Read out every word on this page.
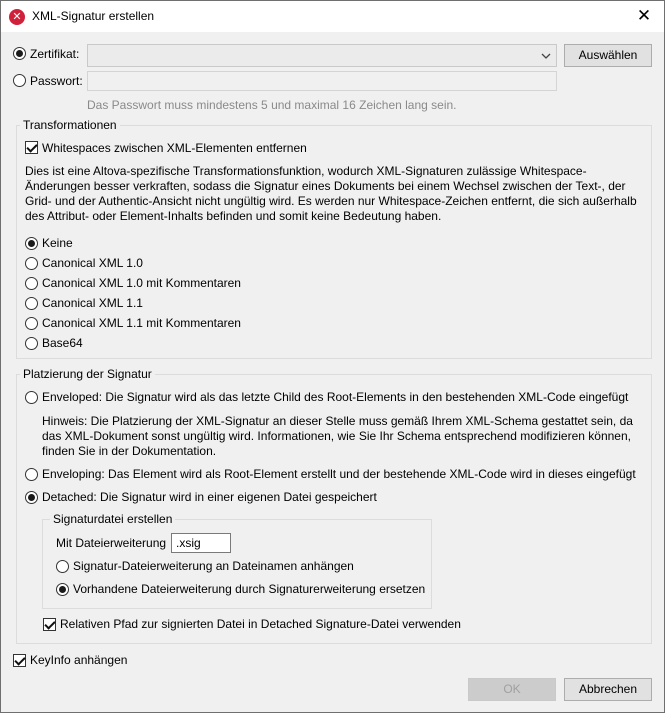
✕ XML-Signatur erstellen	✕
Zertifikat:	Auswählen
Passwort:
Das Passwort muss mindestens 5 und maximal 16 Zeichen lang sein.
Transformationen
Whitespaces zwischen XML-Elementen entfernen
Dies ist eine Altova-spezifische Transformationsfunktion, wodurch XML-Signaturen zulässige Whitespace-Änderungen besser verkraften, sodass die Signatur eines Dokuments bei einem Wechsel zwischen der Text-, der Grid- und der Authentic-Ansicht nicht ungültig wird. Es werden nur Whitespace-Zeichen entfernt, die sich außerhalb des Attribut- oder Element-Inhalts befinden und somit keine Bedeutung haben.
Keine
Canonical XML 1.0
Canonical XML 1.0 mit Kommentaren
Canonical XML 1.1
Canonical XML 1.1 mit Kommentaren
Base64
Platzierung der Signatur
Enveloped: Die Signatur wird als das letzte Child des Root-Elements in den bestehenden XML-Code eingefügt
Hinweis: Die Platzierung der XML-Signatur an dieser Stelle muss gemäß Ihrem XML-Schema gestattet sein, da das XML-Dokument sonst ungültig wird. Informationen, wie Sie Ihr Schema entsprechend modifizieren können, finden Sie in der Dokumentation.
Enveloping: Das Element wird als Root-Element erstellt und der bestehende XML-Code wird in dieses eingefügt
Detached: Die Signatur wird in einer eigenen Datei gespeichert
Signaturdatei erstellen
Mit Dateierweiterung .xsig
Signatur-Dateierweiterung an Dateinamen anhängen
Vorhandene Dateierweiterung durch Signaturerweiterung ersetzen
Relativen Pfad zur signierten Datei in Detached Signature-Datei verwenden
KeyInfo anhängen
OK	Abbrechen
